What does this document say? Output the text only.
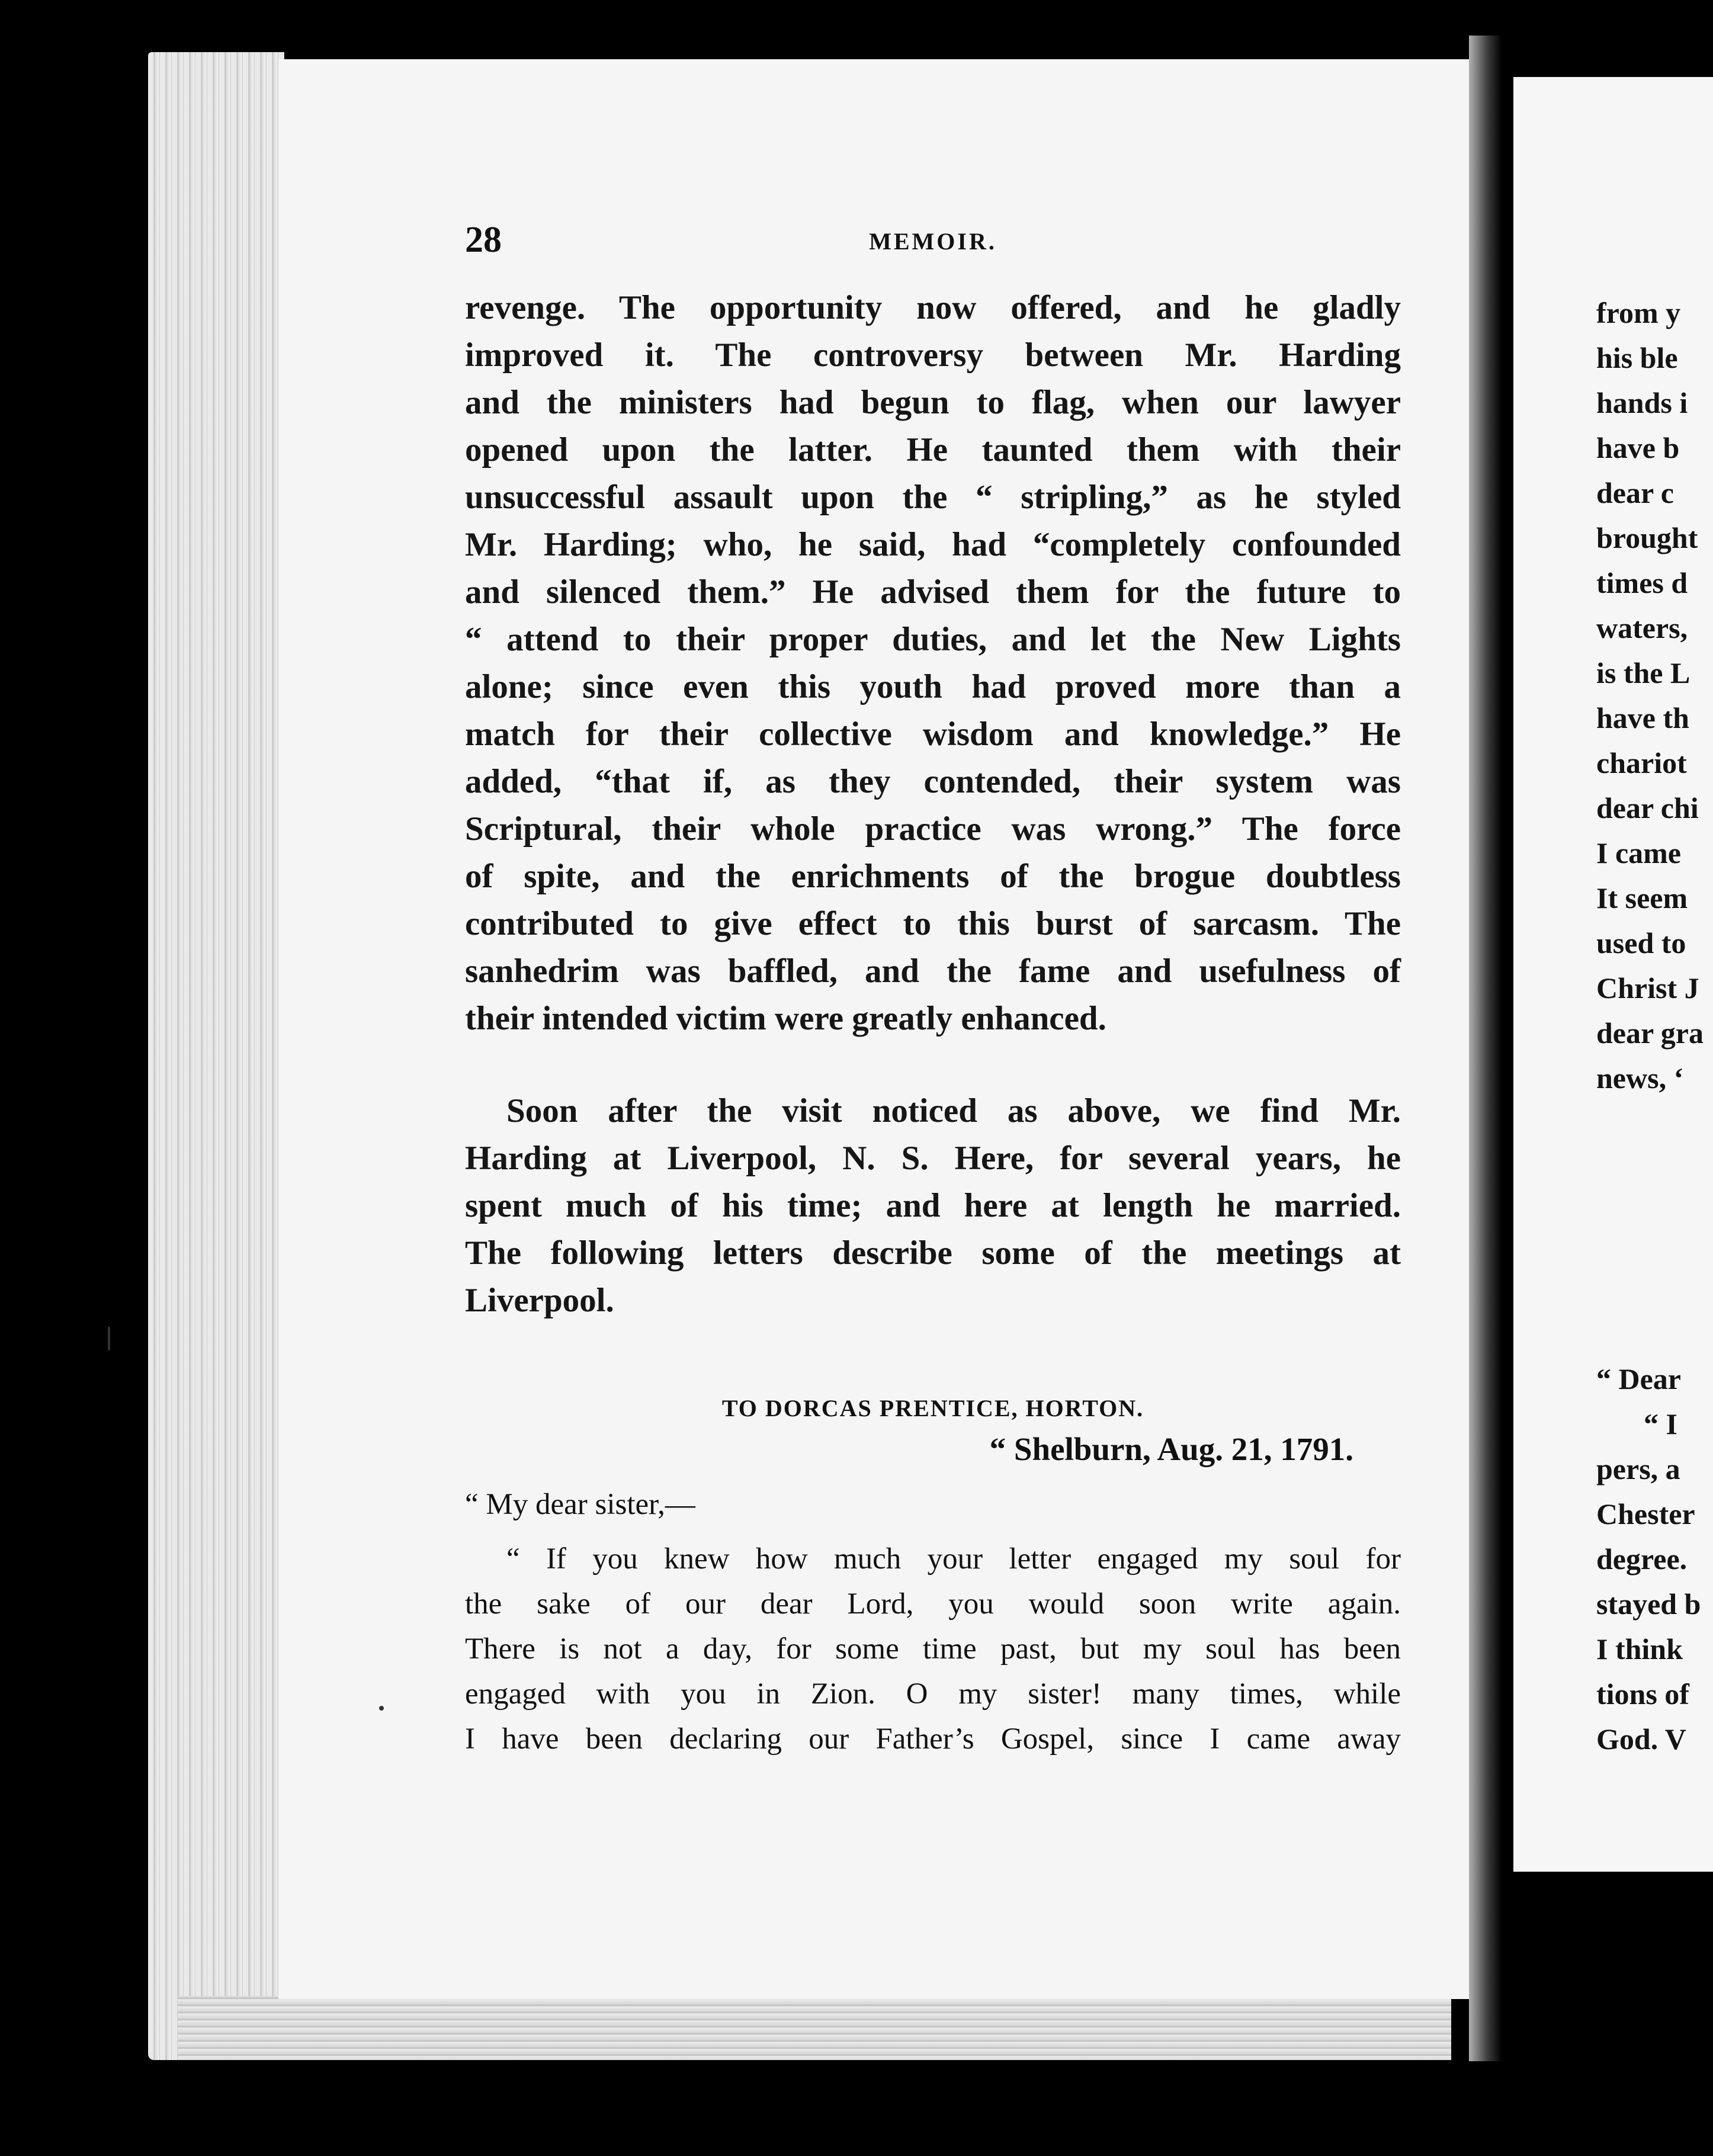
28	MEMOIR.
revenge. The opportunity now offered, and he gladly
improved it. The controversy between Mr. Harding
and the ministers had begun to flag, when our lawyer
opened upon the latter. He taunted them with their
unsuccessful assault upon the “ stripling,” as he styled
Mr. Harding; who, he said, had “completely confounded
and silenced them.” He advised them for the future to
“ attend to their proper duties, and let the New Lights
alone; since even this youth had proved more than a
match for their collective wisdom and knowledge.” He
added, “that if, as they contended, their system was
Scriptural, their whole practice was wrong.” The force
of spite, and the enrichments of the brogue doubtless
contributed to give effect to this burst of sarcasm. The
sanhedrim was baffled, and the fame and usefulness of
their intended victim were greatly enhanced.
Soon after the visit noticed as above, we find Mr.
Harding at Liverpool, N. S. Here, for several years, he
spent much of his time; and here at length he married.
The following letters describe some of the meetings at
Liverpool.
TO DORCAS PRENTICE, HORTON.
“ Shelburn, Aug. 21, 1791.
“ My dear sister,—
“ If you knew how much your letter engaged my soul for
the sake of our dear Lord, you would soon write again.
There is not a day, for some time past, but my soul has been
engaged with you in Zion. O my sister! many times, while
I have been declaring our Father’s Gospel, since I came away
from y
his ble
hands i
have b
dear c
brought
times d
waters,
is the L
have th
chariot
dear chi
I came
It seem
used to
Christ J
dear gra
news, ‘
“ Dear
“ I
pers, a
Chester
degree.
stayed b
I think
tions of
God. V
